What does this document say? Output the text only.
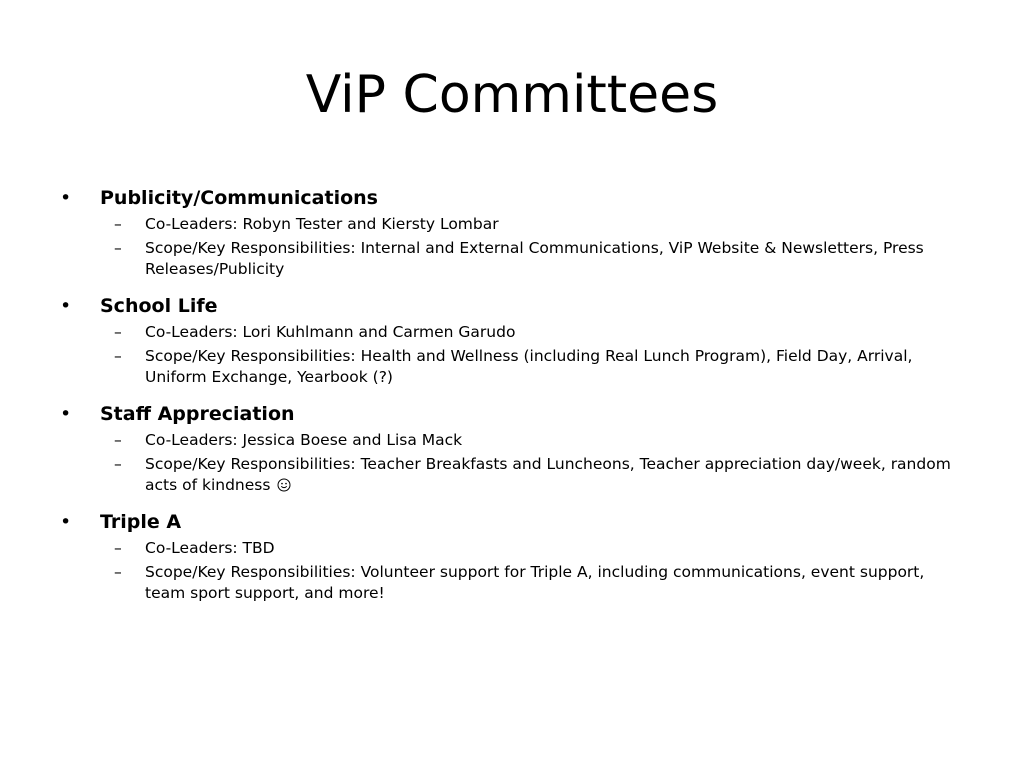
ViP Committees
• Publicity/Communications
– Co-Leaders: Robyn Tester and Kiersty Lombar
– Scope/Key Responsibilities: Internal and External Communications, ViP Website & Newsletters, Press Releases/Publicity
• School Life
– Co-Leaders: Lori Kuhlmann and Carmen Garudo
– Scope/Key Responsibilities: Health and Wellness (including Real Lunch Program), Field Day, Arrival, Uniform Exchange, Yearbook (?)
• Staff Appreciation
– Co-Leaders: Jessica Boese and Lisa Mack
– Scope/Key Responsibilities: Teacher Breakfasts and Luncheons, Teacher appreciation day/week, random acts of kindness
• Triple A
– Co-Leaders: TBD
– Scope/Key Responsibilities: Volunteer support for Triple A, including communications, event support, team sport support, and more!
